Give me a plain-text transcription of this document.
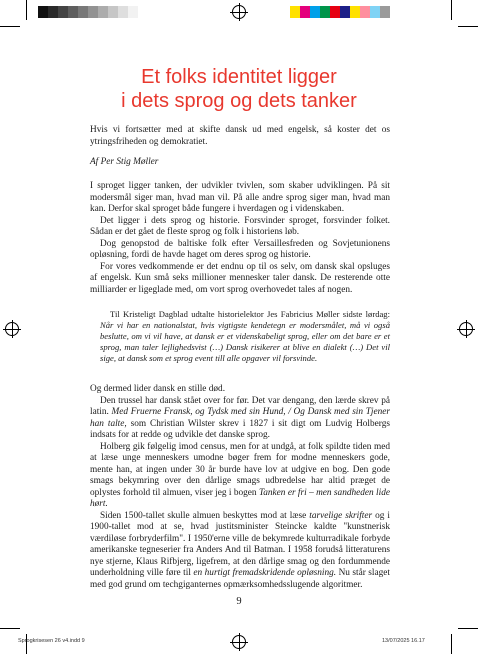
Et folks identitet ligger
i dets sprog og dets tanker

Hvis vi fortsætter med at skifte dansk ud med engelsk, så koster det os ytringsfriheden og demokratiet.

Af Per Stig Møller

I sproget ligger tanken, der udvikler tvivlen, som skaber udviklingen. På sit modersmål siger man, hvad man vil. På alle andre sprog siger man, hvad man kan. Derfor skal sproget både fungere i hverdagen og i videnskaben.

Det ligger i dets sprog og historie. Forsvinder sproget, forsvinder folket. Sådan er det gået de fleste sprog og folk i historiens løb.

Dog genopstod de baltiske folk efter Versaillesfreden og Sovjetunionens opløsning, fordi de havde haget om deres sprog og historie.

For vores vedkommende er det endnu op til os selv, om dansk skal opsluges af engelsk. Kun små seks millioner mennesker taler dansk. De resterende otte milliarder er ligeglade med, om vort sprog overhovedet tales af nogen.

Til Kristeligt Dagblad udtalte historielektor Jes Fabricius Møller sidste lørdag: Når vi har en nationalstat, hvis vigtigste kendetegn er modersmålet, må vi også beslutte, om vi vil have, at dansk er et videnskabeligt sprog, eller om det bare er et sprog, man taler lejlighedsvist (…) Dansk risikerer at blive en dialekt (…) Det vil sige, at dansk som et sprog event till alle opgaver vil forsvinde.

Og dermed lider dansk en stille død.

Den trussel har dansk stået over for før. Det var dengang, den lærde skrev på latin. Med Fruerne Fransk, og Tydsk med sin Hund, / Og Dansk med sin Tjener han talte, som Christian Wilster skrev i 1827 i sit digt om Ludvig Holbergs indsats for at redde og udvikle det danske sprog.

Holberg gik følgelig imod census, men for at undgå, at folk spildte tiden med at læse unge menneskers umodne bøger frem for modne menneskers gode, mente han, at ingen under 30 år burde have lov at udgive en bog. Den gode smags bekymring over den dårlige smags udbredelse har altid præget de oplystes forhold til almuen, viser jeg i bogen Tanken er fri – men sandheden lide hørt.

Siden 1500-tallet skulle almuen beskyttes mod at læse tarvelige skrifter og i 1900-tallet mod at se, hvad justitsminister Steincke kaldte "kunstnerisk værdiløse forbryderfilm". I 1950'erne ville de bekymrede kulturradikale forbyde amerikanske tegneserier fra Anders And til Batman. I 1958 forudså litteraturens nye stjerne, Klaus Rifbjerg, ligefrem, at den dårlige smag og den fordummende underholdning ville føre til en hurtigt fremadskridende opløsning. Nu står slaget med god grund om techgiganternes opmærksomhedsslugende algoritmer.

9
Sprogkrisesen 26 v4.indd 9	13/07/2025 16.17
